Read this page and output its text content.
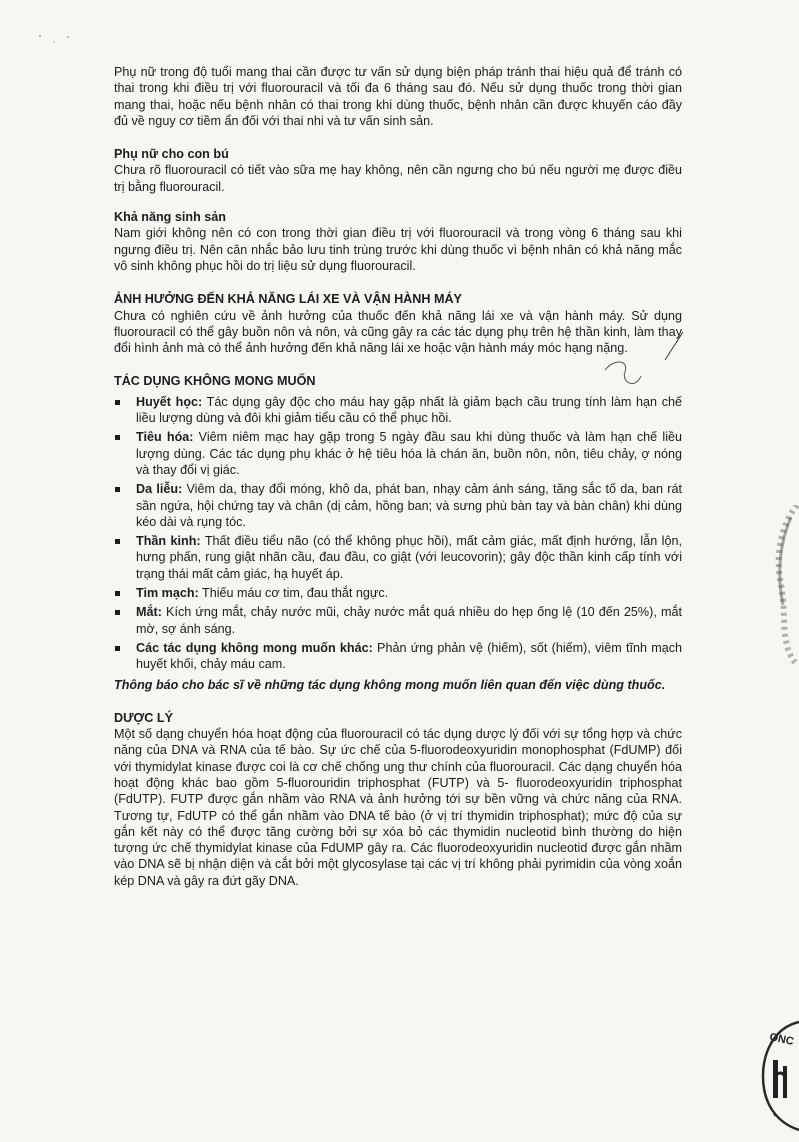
Phụ nữ trong độ tuổi mang thai cần được tư vấn sử dụng biện pháp tránh thai hiệu quả để tránh có thai trong khi điều trị với fluorouracil và tối đa 6 tháng sau đó. Nếu sử dụng thuốc trong thời gian mang thai, hoặc nếu bệnh nhân có thai trong khi dùng thuốc, bệnh nhân cần được khuyến cáo đầy đủ về nguy cơ tiềm ẩn đối với thai nhi và tư vấn sinh sản.

Phụ nữ cho con bú

Chưa rõ fluorouracil có tiết vào sữa mẹ hay không, nên cần ngưng cho bú nếu người mẹ được điều trị bằng fluorouracil.

Khả năng sinh sản

Nam giới không nên có con trong thời gian điều trị với fluorouracil và trong vòng 6 tháng sau khi ngưng điều trị. Nên cân nhắc bảo lưu tinh trùng trước khi dùng thuốc vì bệnh nhân có khả năng mắc vô sinh không phục hồi do trị liệu sử dụng fluorouracil.

ẢNH HƯỞNG ĐẾN KHẢ NĂNG LÁI XE VÀ VẬN HÀNH MÁY

Chưa có nghiên cứu về ảnh hưởng của thuốc đến khả năng lái xe và vận hành máy. Sử dụng fluorouracil có thể gây buồn nôn và nôn, và cũng gây ra các tác dụng phụ trên hệ thần kinh, làm thay đổi hình ảnh mà có thể ảnh hưởng đến khả năng lái xe hoặc vận hành máy móc hạng nặng.

TÁC DỤNG KHÔNG MONG MUỐN

Huyết học: Tác dụng gây độc cho máu hay gặp nhất là giảm bạch cầu trung tính làm hạn chế liều lượng dùng và đôi khi giảm tiểu cầu có thể phục hồi.
Tiêu hóa: Viêm niêm mạc hay gặp trong 5 ngày đầu sau khi dùng thuốc và làm hạn chế liều lượng dùng. Các tác dụng phụ khác ở hệ tiêu hóa là chán ăn, buồn nôn, nôn, tiêu chảy, ợ nóng và thay đổi vị giác.
Da liễu: Viêm da, thay đổi móng, khô da, phát ban, nhạy cảm ánh sáng, tăng sắc tố da, ban rát sần ngứa, hội chứng tay và chân (dị cảm, hồng ban; và sưng phù bàn tay và bàn chân) khi dùng kéo dài và rụng tóc.
Thần kinh: Thất điều tiểu não (có thể không phục hồi), mất cảm giác, mất định hướng, lẫn lộn, hưng phấn, rung giật nhãn cầu, đau đầu, co giật (với leucovorin); gây độc thần kinh cấp tính với trạng thái mất cảm giác, hạ huyết áp.
Tim mạch: Thiếu máu cơ tim, đau thắt ngực.
Mắt: Kích ứng mắt, chảy nước mũi, chảy nước mắt quá nhiều do hẹp ống lệ (10 đến 25%), mắt mờ, sợ ánh sáng.
Các tác dụng không mong muốn khác: Phản ứng phản vệ (hiếm), sốt (hiếm), viêm tĩnh mạch huyết khối, chảy máu cam.

Thông báo cho bác sĩ về những tác dụng không mong muốn liên quan đến việc dùng thuốc.

DƯỢC LÝ

Một số dạng chuyển hóa hoạt động của fluorouracil có tác dụng dược lý đối với sự tổng hợp và chức năng của DNA và RNA của tế bào. Sự ức chế của 5-fluorodeoxyuridin monophosphat (FdUMP) đối với thymidylat kinase được coi là cơ chế chống ung thư chính của fluorouracil. Các dạng chuyển hóa hoạt động khác bao gồm 5-fluorouridin triphosphat (FUTP) và 5- fluorodeoxyuridin triphosphat (FdUTP). FUTP được gắn nhầm vào RNA và ảnh hưởng tới sự bền vững và chức năng của RNA. Tương tự, FdUTP có thể gắn nhầm vào DNA tế bào (ở vị trí thymidin triphosphat); mức độ của sự gắn kết này có thể được tăng cường bởi sự xóa bỏ các thymidin nucleotid bình thường do hiện tượng ức chế thymidylat kinase của FdUMP gây ra. Các fluorodeoxyuridin nucleotid được gắn nhầm vào DNA sẽ bị nhận diện và cắt bởi một glycosylase tại các vị trí không phải pyrimidin của vòng xoắn kép DNA và gây ra đứt gãy DNA.

ONC
*
